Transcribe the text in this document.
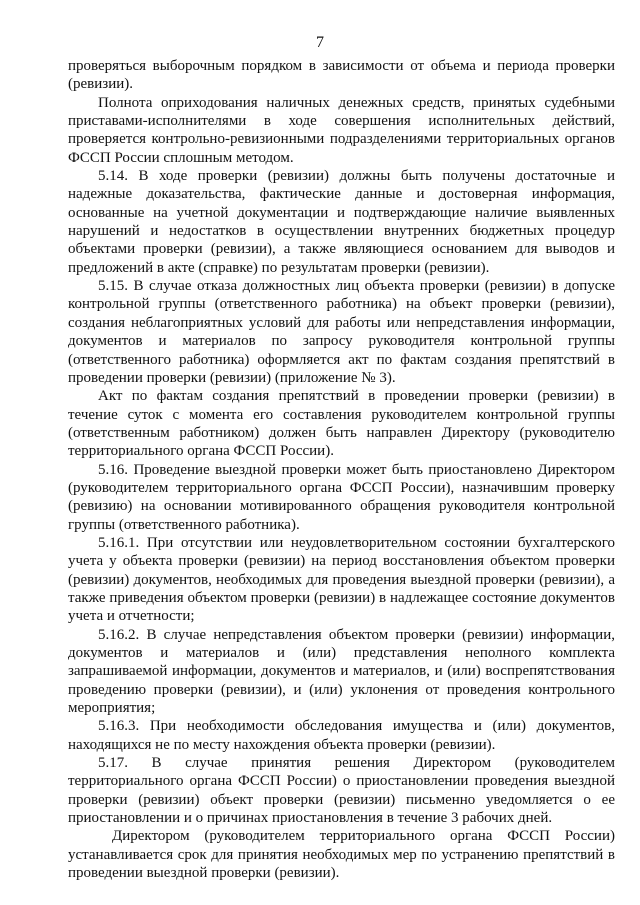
7

проверяться выборочным порядком в зависимости от объема и периода проверки (ревизии).

Полнота оприходования наличных денежных средств, принятых судебными приставами-исполнителями в ходе совершения исполнительных действий, проверяется контрольно-ревизионными подразделениями территориальных органов ФССП России сплошным методом.

5.14. В ходе проверки (ревизии) должны быть получены достаточные и надежные доказательства, фактические данные и достоверная информация, основанные на учетной документации и подтверждающие наличие выявленных нарушений и недостатков в осуществлении внутренних бюджетных процедур объектами проверки (ревизии), а также являющиеся основанием для выводов и предложений в акте (справке) по результатам проверки (ревизии).

5.15. В случае отказа должностных лиц объекта проверки (ревизии) в допуске контрольной группы (ответственного работника) на объект проверки (ревизии), создания неблагоприятных условий для работы или непредставления информации, документов и материалов по запросу руководителя контрольной группы (ответственного работника) оформляется акт по фактам создания препятствий в проведении проверки (ревизии) (приложение № 3).

Акт по фактам создания препятствий в проведении проверки (ревизии) в течение суток с момента его составления руководителем контрольной группы (ответственным работником) должен быть направлен Директору (руководителю территориального органа ФССП России).

5.16. Проведение выездной проверки может быть приостановлено Директором (руководителем территориального органа ФССП России), назначившим проверку (ревизию) на основании мотивированного обращения руководителя контрольной группы (ответственного работника).

5.16.1. При отсутствии или неудовлетворительном состоянии бухгалтерского учета у объекта проверки (ревизии) на период восстановления объектом проверки (ревизии) документов, необходимых для проведения выездной проверки (ревизии), а также приведения объектом проверки (ревизии) в надлежащее состояние документов учета и отчетности;

5.16.2. В случае непредставления объектом проверки (ревизии) информации, документов и материалов и (или) представления неполного комплекта запрашиваемой информации, документов и материалов, и (или) воспрепятствования проведению проверки (ревизии), и (или) уклонения от проведения контрольного мероприятия;

5.16.3. При необходимости обследования имущества и (или) документов, находящихся не по месту нахождения объекта проверки (ревизии).

5.17. В случае принятия решения Директором (руководителем территориального органа ФССП России) о приостановлении проведения выездной проверки (ревизии) объект проверки (ревизии) письменно уведомляется о ее приостановлении и о причинах приостановления в течение 3 рабочих дней.

Директором (руководителем территориального органа ФССП России) устанавливается срок для принятия необходимых мер по устранению препятствий в проведении выездной проверки (ревизии).
